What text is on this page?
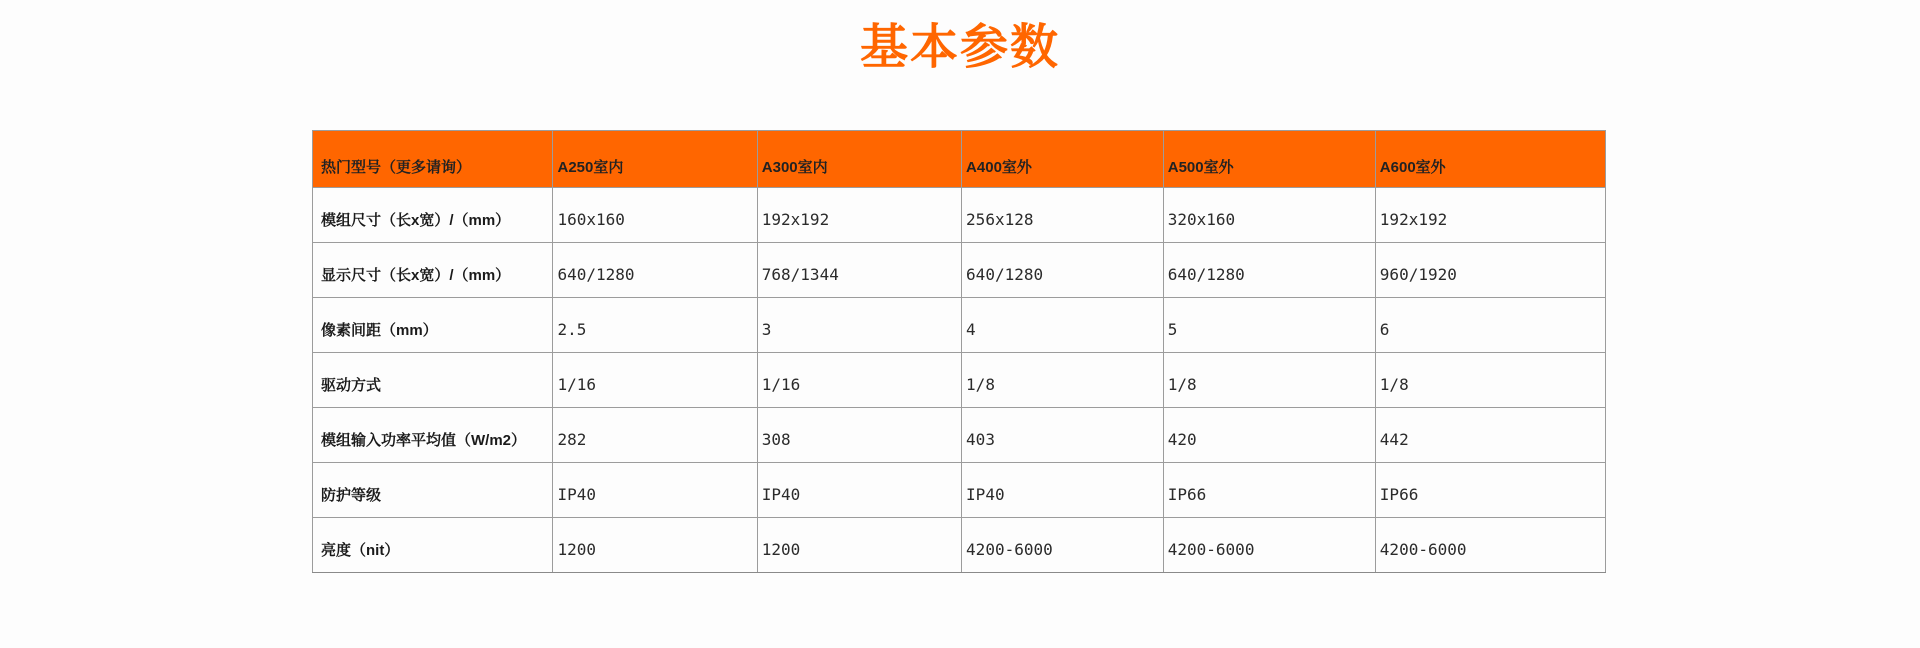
基本参数
热门型号（更多请询）	A250室内	A300室内	A400室外	A500室外	A600室外
模组尺寸（长x宽）/（mm）	160x160	192x192	256x128	320x160	192x192
显示尺寸（长x宽）/（mm）	640/1280	768/1344	640/1280	640/1280	960/1920
像素间距（mm）	2.5	3	4	5	6
驱动方式	1/16	1/16	1/8	1/8	1/8
模组输入功率平均值（W/m2）	282	308	403	420	442
防护等级	IP40	IP40	IP40	IP66	IP66
亮度（nit）	1200	1200	4200-6000	4200-6000	4200-6000
